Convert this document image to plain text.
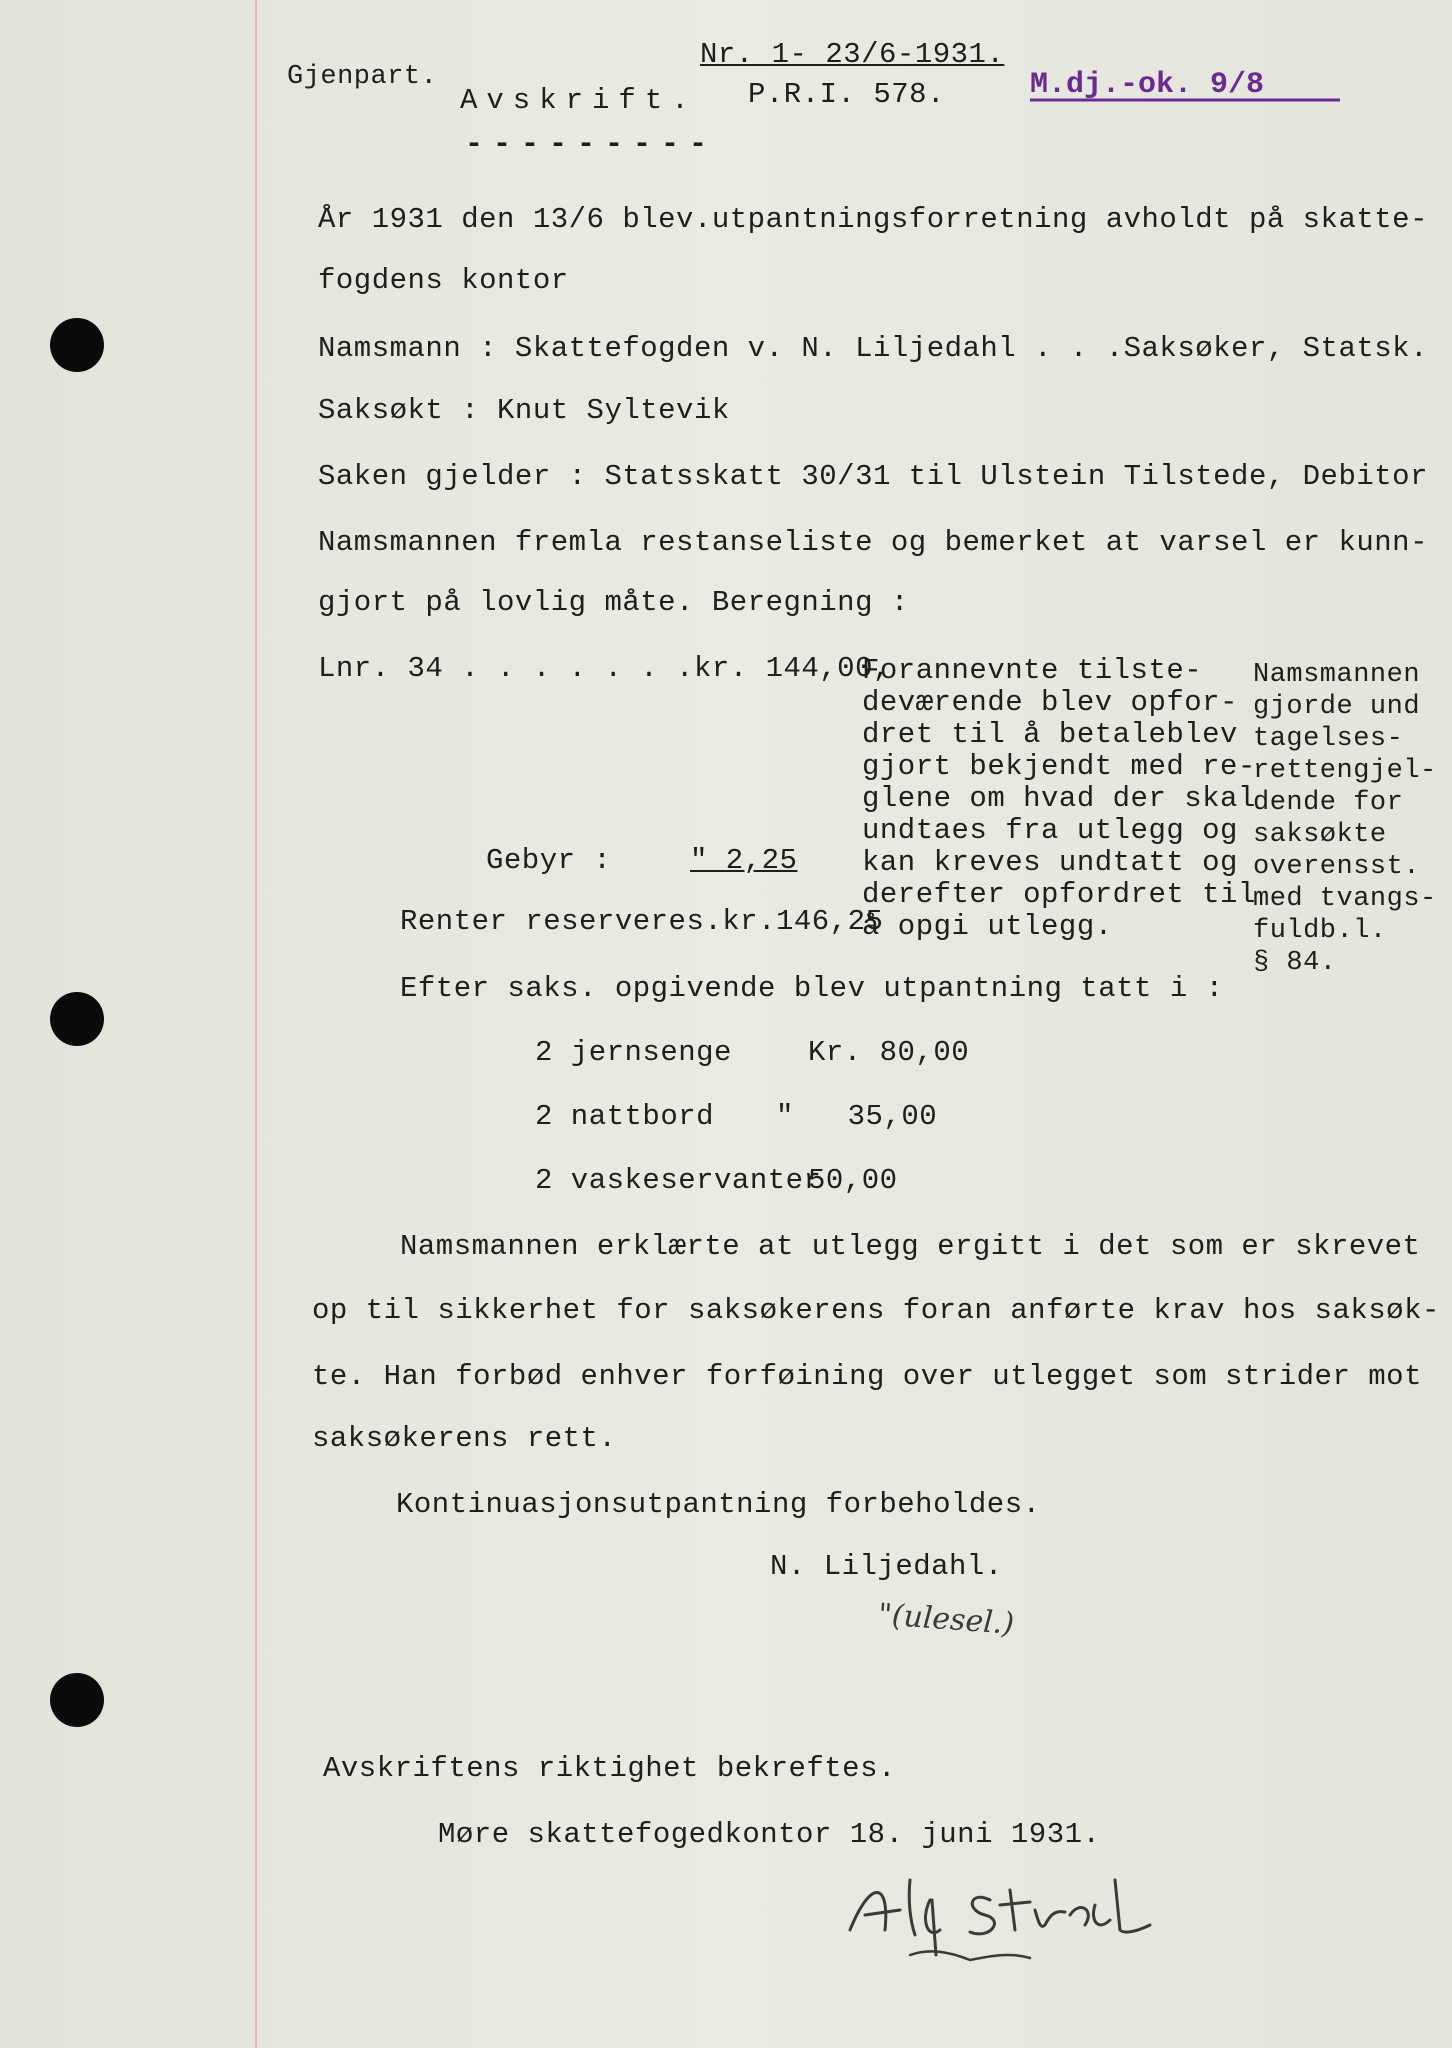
Gjenpart.
Nr. 1- 23/6-1931.
Avskrift. P.R.I. 578.
---------
M.dj.-ok. 9/8
År 1931 den 13/6 blev.utpantningsforretning avholdt på skatte-
fogdens kontor
Namsmann : Skattefogden v. N. Liljedahl . . .Saksøker, Statsk.
Saksøkt : Knut Syltevik
Saken gjelder : Statsskatt 30/31 til Ulstein Tilstede, Debitor
Namsmannen fremla restanseliste og bemerket at varsel er kunn-
gjort på lovlig måte. Beregning :
Lnr. 34 . . . . . . .kr. 144,00,
Gebyr :	" 2,25
Renter reserveres.kr.146,25
Forannevnte tilste-
deværende blev opfor-
dret til å betaleblev
gjort bekjendt med re-
glene om hvad der skal
undtaes fra utlegg og
kan kreves undtatt og
derefter opfordret til
å opgi utlegg.
Namsmannen
gjorde und
tagelses-
rettengjel-
dende for
saksøkte
overensst.
med tvangs-
fuldb.l.
§ 84.
Efter saks. opgivende blev utpantning tatt i :
2 jernsenge	Kr. 80,00
2 nattbord "   35,00
2 vaskeservanter
50,00
Namsmannen erklærte at utlegg ergitt i det som er skrevet
op til sikkerhet for saksøkerens foran anførte krav hos saksøk-
te. Han forbød enhver forføining over utlegget som strider mot
saksøkerens rett.
Kontinuasjonsutpantning forbeholdes.
N. Liljedahl.
"(ulesel.)
Avskriftens riktighet bekreftes.
Møre skattefogedkontor 18. juni 1931.
